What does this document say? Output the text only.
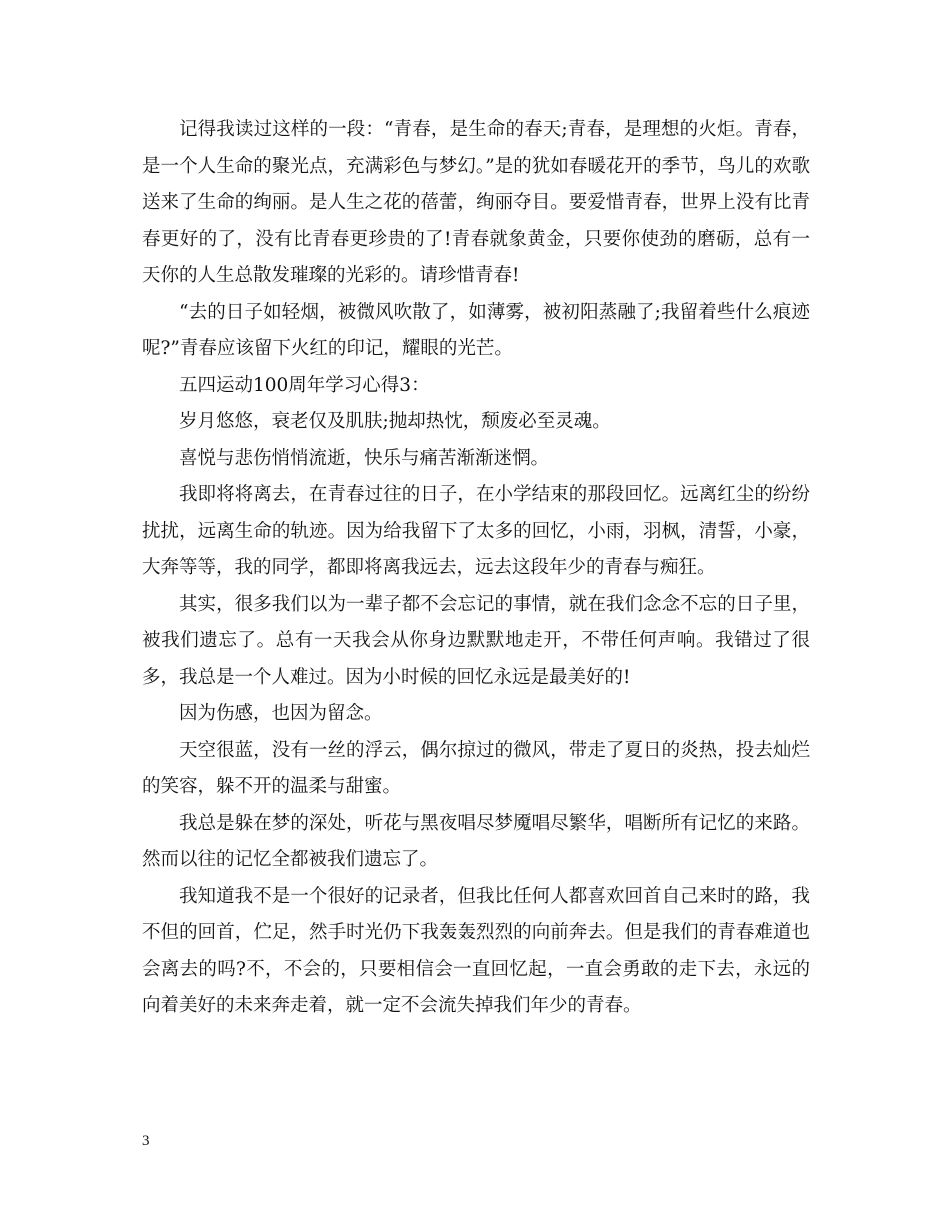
记得我读过这样的一段：“青春，是生命的春天;青春，是理想的火炬。青春，是一个人生命的聚光点，充满彩色与梦幻。”是的犹如春暖花开的季节，鸟儿的欢歌送来了生命的绚丽。是人生之花的蓓蕾，绚丽夺目。要爱惜青春，世界上没有比青春更好的了，没有比青春更珍贵的了!青春就象黄金，只要你使劲的磨砺，总有一天你的人生总散发璀璨的光彩的。请珍惜青春!

“去的日子如轻烟，被微风吹散了，如薄雾，被初阳蒸融了;我留着些什么痕迹呢?”青春应该留下火红的印记，耀眼的光芒。

五四运动100周年学习心得3：

岁月悠悠，衰老仅及肌肤;抛却热忱，颓废必至灵魂。

喜悦与悲伤悄悄流逝，快乐与痛苦渐渐迷惘。

我即将将离去，在青春过往的日子，在小学结束的那段回忆。远离红尘的纷纷扰扰，远离生命的轨迹。因为给我留下了太多的回忆，小雨，羽枫，清誓，小豪，大奔等等，我的同学，都即将离我远去，远去这段年少的青春与痴狂。

其实，很多我们以为一辈子都不会忘记的事情，就在我们念念不忘的日子里，被我们遗忘了。总有一天我会从你身边默默地走开，不带任何声响。我错过了很多，我总是一个人难过。因为小时候的回忆永远是最美好的!

因为伤感，也因为留念。

天空很蓝，没有一丝的浮云，偶尔掠过的微风，带走了夏日的炎热，投去灿烂的笑容，躲不开的温柔与甜蜜。

我总是躲在梦的深处，听花与黑夜唱尽梦魇唱尽繁华，唱断所有记忆的来路。然而以往的记忆全都被我们遗忘了。

我知道我不是一个很好的记录者，但我比任何人都喜欢回首自己来时的路，我不但的回首，伫足，然手时光仍下我轰轰烈烈的向前奔去。但是我们的青春难道也会离去的吗?不，不会的，只要相信会一直回忆起，一直会勇敢的走下去，永远的向着美好的未来奔走着，就一定不会流失掉我们年少的青春。

3
